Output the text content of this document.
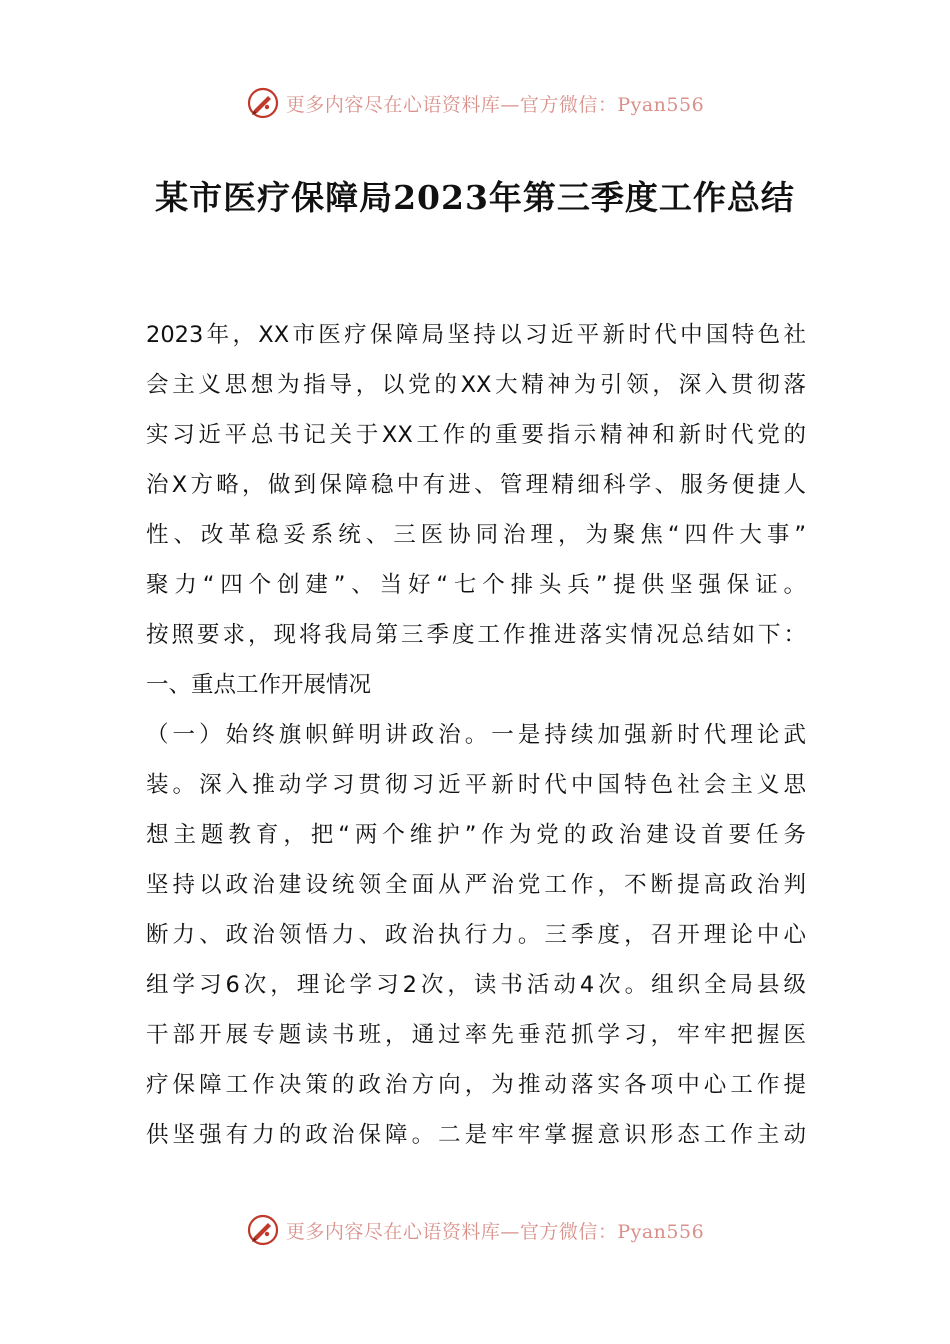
更多内容尽在心语资料库—官方微信：Pyan556
某市医疗保障局2023年第三季度工作总结
2023年，XX市医疗保障局坚持以习近平新时代中国特色社
会主义思想为指导，以党的XX大精神为引领，深入贯彻落
实习近平总书记关于XX工作的重要指示精神和新时代党的
治X方略，做到保障稳中有进、管理精细科学、服务便捷人
性、改革稳妥系统、三医协同治理，为聚焦“四件大事”
聚力“四个创建”、当好“七个排头兵”提供坚强保证。
按照要求，现将我局第三季度工作推进落实情况总结如下：
一、重点工作开展情况
（一）始终旗帜鲜明讲政治。一是持续加强新时代理论武
装。深入推动学习贯彻习近平新时代中国特色社会主义思
想主题教育，把“两个维护”作为党的政治建设首要任务
坚持以政治建设统领全面从严治党工作，不断提高政治判
断力、政治领悟力、政治执行力。三季度，召开理论中心
组学习6次，理论学习2次，读书活动4次。组织全局县级
干部开展专题读书班，通过率先垂范抓学习，牢牢把握医
疗保障工作决策的政治方向，为推动落实各项中心工作提
供坚强有力的政治保障。二是牢牢掌握意识形态工作主动
更多内容尽在心语资料库—官方微信：Pyan556
